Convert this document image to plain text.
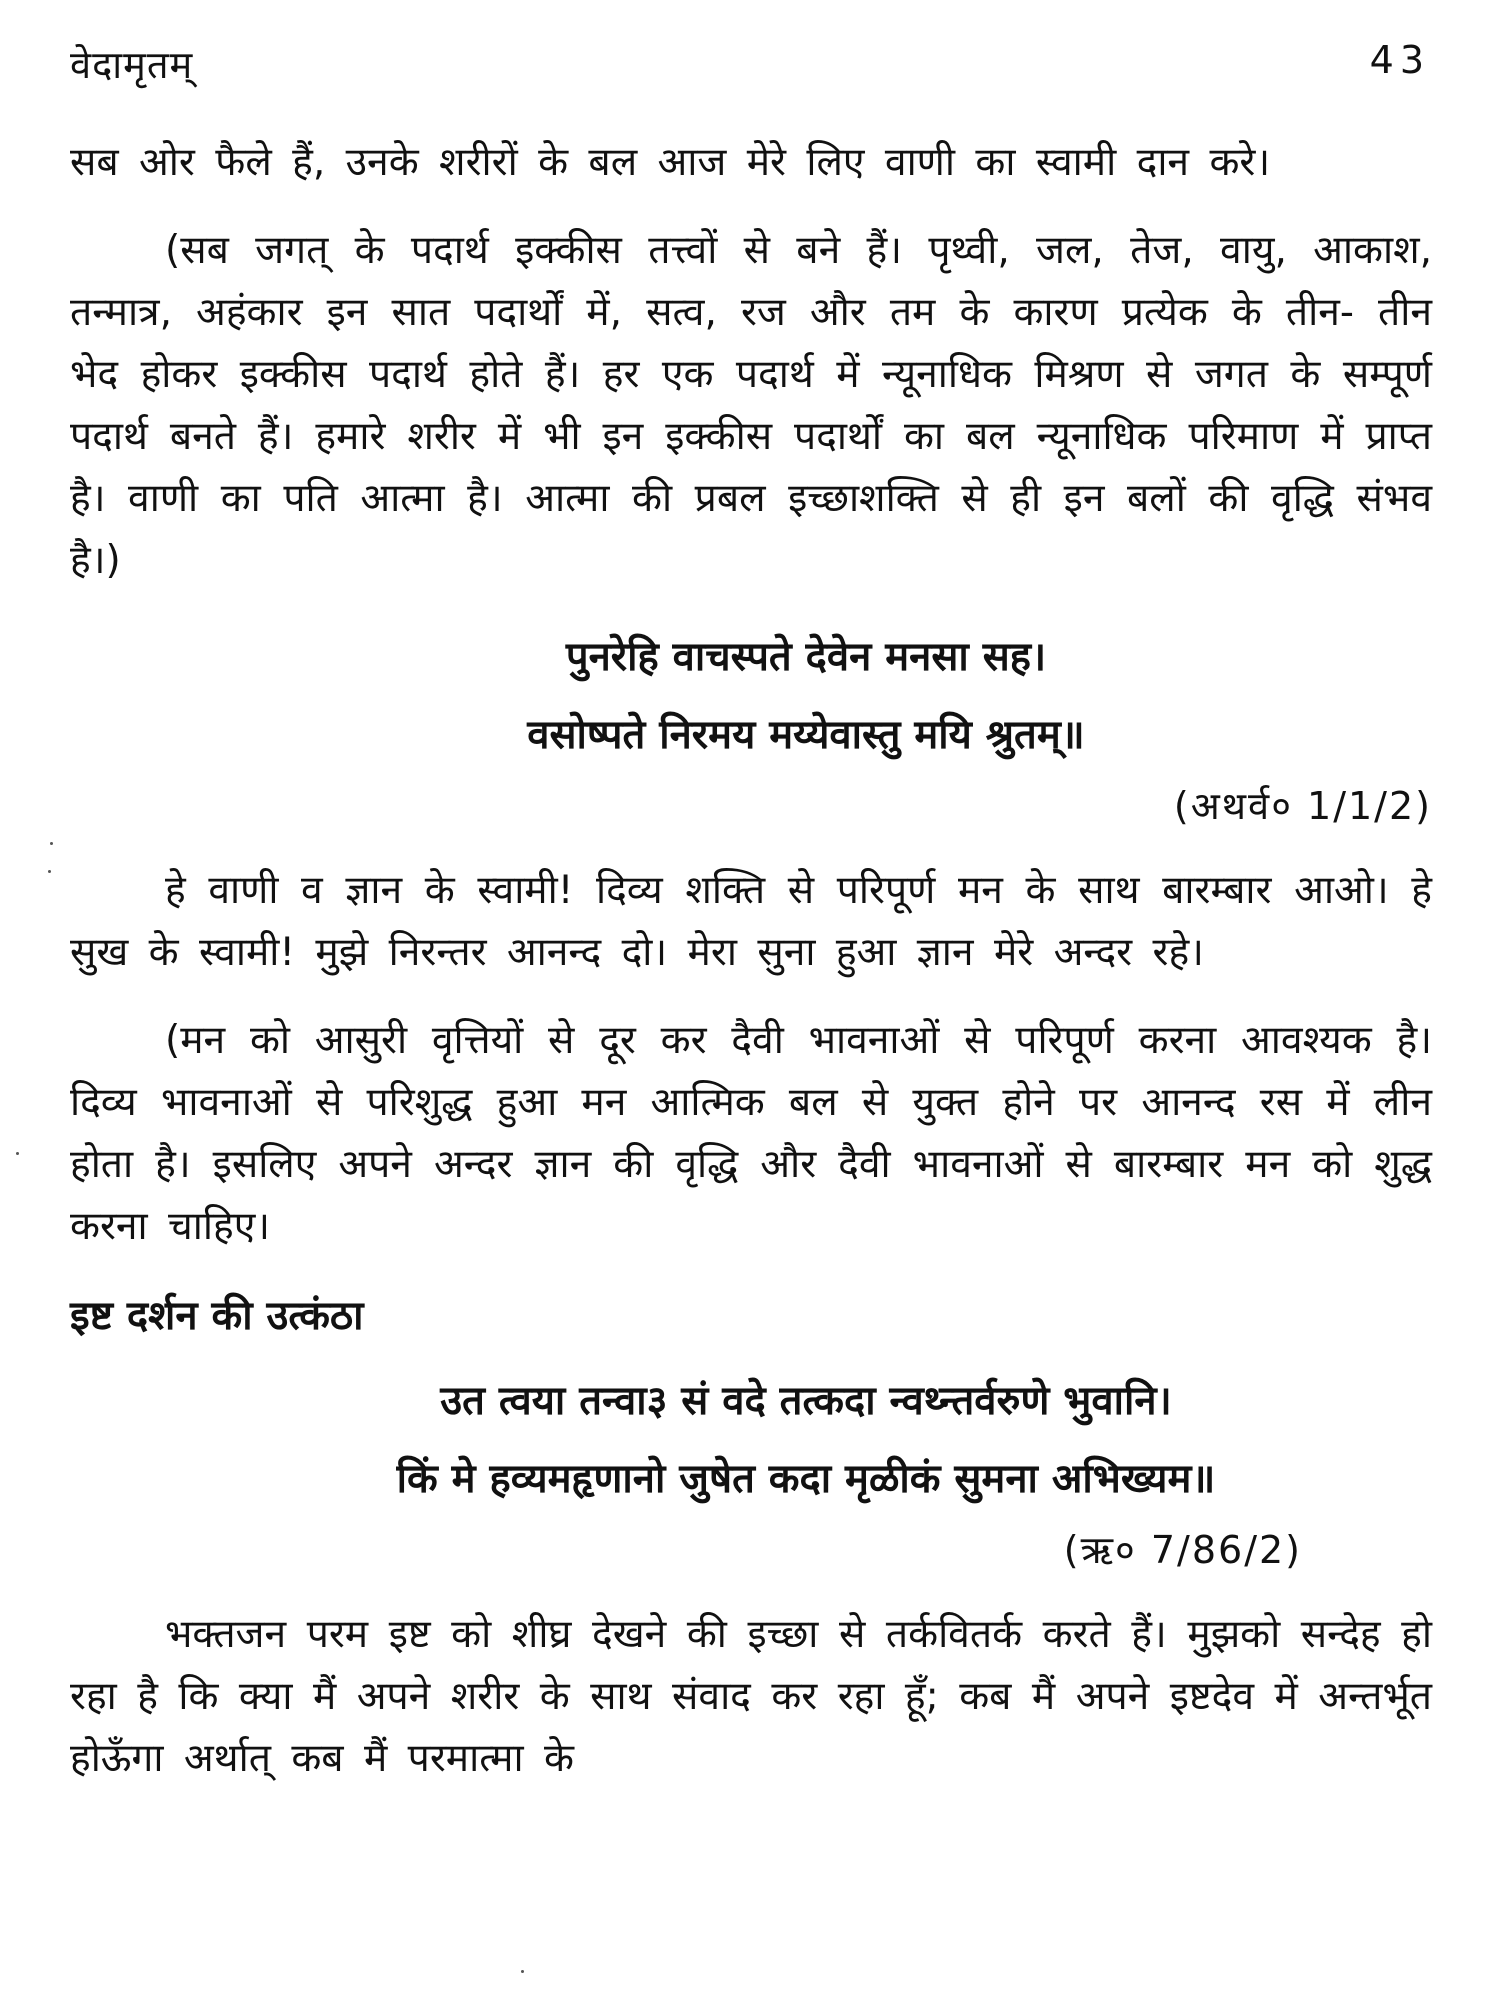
वेदामृतम्	43

सब ओर फैले हैं, उनके शरीरों के बल आज मेरे लिए वाणी का स्वामी दान करे।

(सब जगत् के पदार्थ इक्कीस तत्त्वों से बने हैं। पृथ्वी, जल, तेज, वायु, आकाश, तन्मात्र, अहंकार इन सात पदार्थों में, सत्व, रज और तम के कारण प्रत्येक के तीन- तीन भेद होकर इक्कीस पदार्थ होते हैं। हर एक पदार्थ में न्यूनाधिक मिश्रण से जगत के सम्पूर्ण पदार्थ बनते हैं। हमारे शरीर में भी इन इक्कीस पदार्थों का बल न्यूनाधिक परिमाण में प्राप्त है। वाणी का पति आत्मा है। आत्मा की प्रबल इच्छाशक्ति से ही इन बलों की वृद्धि संभव है।)

पुनरेहि वाचस्पते देवेन मनसा सह।
वसोष्पते निरमय मय्येवास्तु मयि श्रुतम्॥
(अथर्व० 1/1/2)

हे वाणी व ज्ञान के स्वामी! दिव्य शक्ति से परिपूर्ण मन के साथ बारम्बार आओ। हे सुख के स्वामी! मुझे निरन्तर आनन्द दो। मेरा सुना हुआ ज्ञान मेरे अन्दर रहे।

(मन को आसुरी वृत्तियों से दूर कर दैवी भावनाओं से परिपूर्ण करना आवश्यक है। दिव्य भावनाओं से परिशुद्ध हुआ मन आत्मिक बल से युक्त होने पर आनन्द रस में लीन होता है। इसलिए अपने अन्दर ज्ञान की वृद्धि और दैवी भावनाओं से बारम्बार मन को शुद्ध करना चाहिए।

इष्ट दर्शन की उत्कंठा
उत त्वया तन्वा३ सं वदे तत्कदा न्वथ्न्तर्वरुणे भुवानि।
किं मे हव्यमहृणानो जुषेत कदा मृळीकं सुमना अभिख्यम॥
(ऋ० 7/86/2)

भक्तजन परम इष्ट को शीघ्र देखने की इच्छा से तर्कवितर्क करते हैं। मुझको सन्देह हो रहा है कि क्या मैं अपने शरीर के साथ संवाद कर रहा हूँ; कब मैं अपने इष्टदेव में अन्तर्भूत होऊँगा अर्थात् कब मैं परमात्मा के
